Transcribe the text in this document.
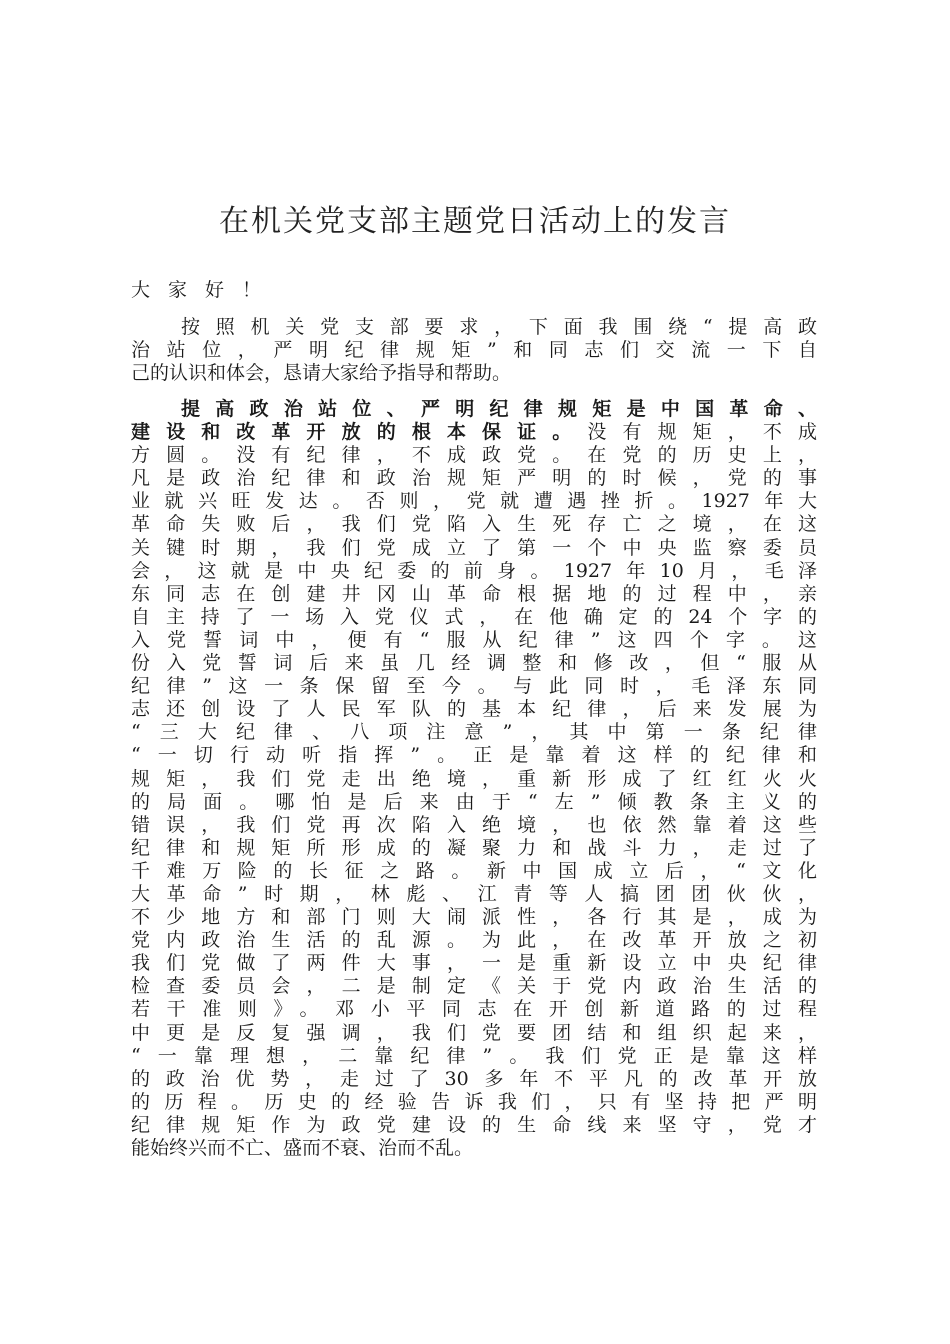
在机关党支部主题党日活动上的发言

大家好！

按照机关党支部要求，下面我围绕“提高政
治站位，严明纪律规矩”和同志们交流一下自
己的认识和体会，恳请大家给予指导和帮助。
提高政治站位、严明纪律规矩是中国革命、
建设和改革开放的根本保证。没有规矩，不成
方圆。没有纪律，不成政党。在党的历史上，
凡是政治纪律和政治规矩严明的时候，党的事
业就兴旺发达。否则，党就遭遇挫折。1927年大
革命失败后，我们党陷入生死存亡之境，在这
关键时期，我们党成立了第一个中央监察委员
会，这就是中央纪委的前身。1927年10月，毛泽
东同志在创建井冈山革命根据地的过程中，亲
自主持了一场入党仪式，在他确定的24个字的
入党誓词中，便有“服从纪律”这四个字。这
份入党誓词后来虽几经调整和修改，但“服从
纪律”这一条保留至今。与此同时，毛泽东同
志还创设了人民军队的基本纪律，后来发展为
“三大纪律、八项注意”，其中第一条纪律
“一切行动听指挥”。正是靠着这样的纪律和
规矩，我们党走出绝境，重新形成了红红火火
的局面。哪怕是后来由于“左”倾教条主义的
错误，我们党再次陷入绝境，也依然靠着这些
纪律和规矩所形成的凝聚力和战斗力，走过了
千难万险的长征之路。新中国成立后，“文化
大革命”时期，林彪、江青等人搞团团伙伙，
不少地方和部门则大闹派性，各行其是，成为
党内政治生活的乱源。为此，在改革开放之初
我们党做了两件大事，一是重新设立中央纪律
检查委员会，二是制定《关于党内政治生活的
若干准则》。邓小平同志在开创新道路的过程
中更是反复强调，我们党要团结和组织起来，
“一靠理想，二靠纪律”。我们党正是靠这样
的政治优势，走过了30多年不平凡的改革开放
的历程。历史的经验告诉我们，只有坚持把严明
纪律规矩作为政党建设的生命线来坚守，党才
能始终兴而不亡、盛而不衰、治而不乱。
